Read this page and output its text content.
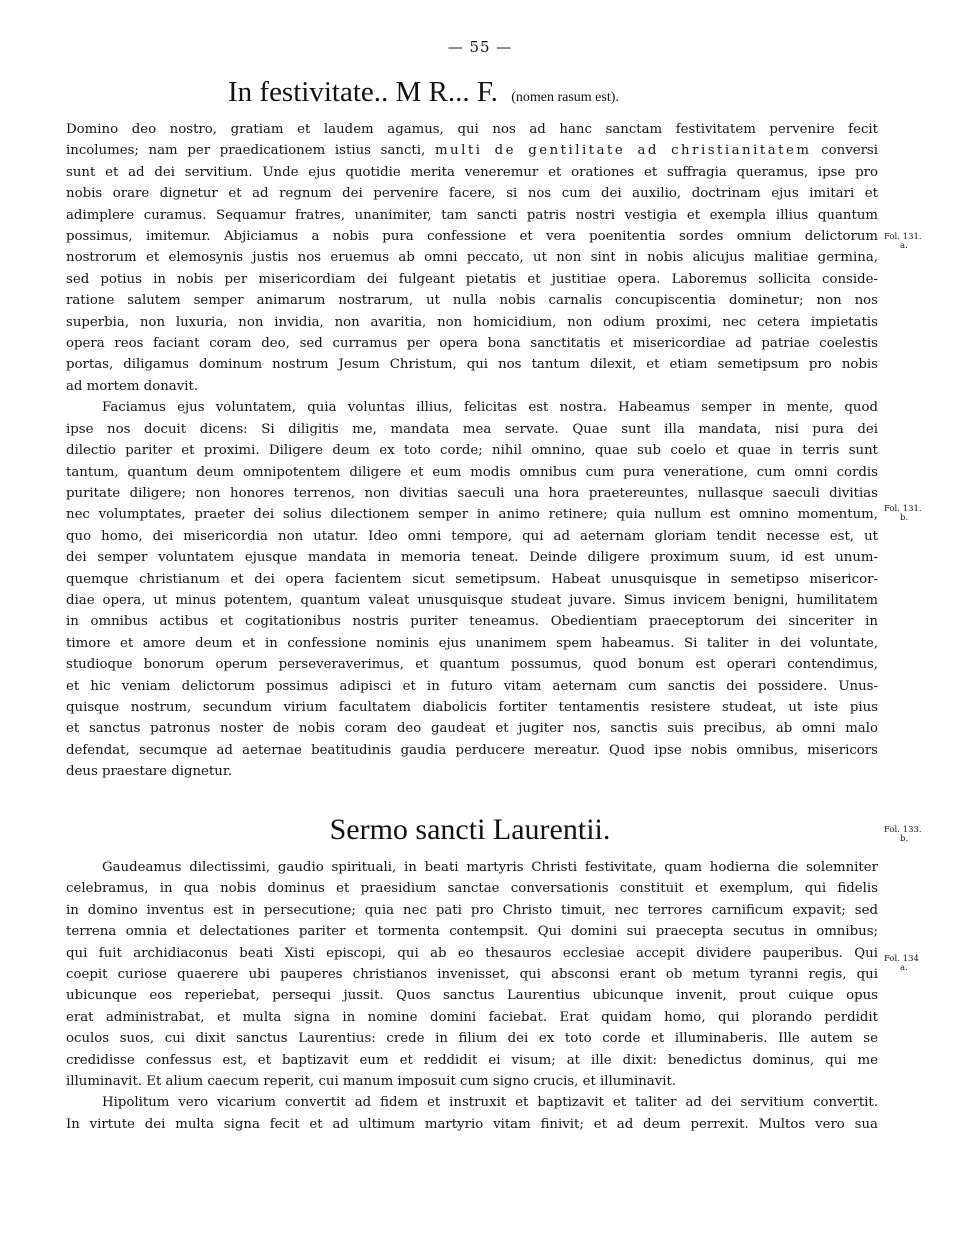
— 55 —
In festivitate.. M R... F. (nomen rasum est).
Domino deo nostro, gratiam et laudem agamus, qui nos ad hanc sanctam festivitatem pervenire fecit
incolumes; nam per praedicationem istius sancti, multi de gentilitate ad christianitatem conversi
sunt et ad dei servitium. Unde ejus quotidie merita veneremur et orationes et suffragia queramus, ipse pro
nobis orare dignetur et ad regnum dei pervenire facere, si nos cum dei auxilio, doctrinam ejus imitari et
adimplere curamus. Sequamur fratres, unanimiter, tam sancti patris nostri vestigia et exempla illius quantum
possimus, imitemur. Abjiciamus a nobis pura confessione et vera poenitentia sordes omnium delictorum
nostrorum et elemosynis justis nos eruemus ab omni peccato, ut non sint in nobis alicujus malitiae germina,
sed potius in nobis per misericordiam dei fulgeant pietatis et justitiae opera. Laboremus sollicita conside-
ratione salutem semper animarum nostrarum, ut nulla nobis carnalis concupiscentia dominetur; non nos
superbia, non luxuria, non invidia, non avaritia, non homicidium, non odium proximi, nec cetera impietatis
opera reos faciant coram deo, sed curramus per opera bona sanctitatis et misericordiae ad patriae coelestis
portas, diligamus dominum nostrum Jesum Christum, qui nos tantum dilexit, et etiam semetipsum pro nobis
ad mortem donavit.
Faciamus ejus voluntatem, quia voluntas illius, felicitas est nostra. Habeamus semper in mente, quod
ipse nos docuit dicens: Si diligitis me, mandata mea servate. Quae sunt illa mandata, nisi pura dei
dilectio pariter et proximi. Diligere deum ex toto corde; nihil omnino, quae sub coelo et quae in terris sunt
tantum, quantum deum omnipotentem diligere et eum modis omnibus cum pura veneratione, cum omni cordis
puritate diligere; non honores terrenos, non divitias saeculi una hora praetereuntes, nullasque saeculi divitias
nec volumptates, praeter dei solius dilectionem semper in animo retinere; quia nullum est omnino momentum,
quo homo, dei misericordia non utatur. Ideo omni tempore, qui ad aeternam gloriam tendit necesse est, ut
dei semper voluntatem ejusque mandata in memoria teneat. Deinde diligere proximum suum, id est unum-
quemque christianum et dei opera facientem sicut semetipsum. Habeat unusquisque in semetipso misericor-
diae opera, ut minus potentem, quantum valeat unusquisque studeat juvare. Simus invicem benigni, humilitatem
in omnibus actibus et cogitationibus nostris puriter teneamus. Obedientiam praeceptorum dei sinceriter in
timore et amore deum et in confessione nominis ejus unanimem spem habeamus. Si taliter in dei voluntate,
studioque bonorum operum perseveraverimus, et quantum possumus, quod bonum est operari contendimus,
et hic veniam delictorum possimus adipisci et in futuro vitam aeternam cum sanctis dei possidere. Unus-
quisque nostrum, secundum virium facultatem diabolicis fortiter tentamentis resistere studeat, ut iste pius
et sanctus patronus noster de nobis coram deo gaudeat et jugiter nos, sanctis suis precibus, ab omni malo
defendat, secumque ad aeternae beatitudinis gaudia perducere mereatur. Quod ipse nobis omnibus, misericors
deus praestare dignetur.
Sermo sancti Laurentii.
Gaudeamus dilectissimi, gaudio spirituali, in beati martyris Christi festivitate, quam hodierna die solemniter
celebramus, in qua nobis dominus et praesidium sanctae conversationis constituit et exemplum, qui fidelis
in domino inventus est in persecutione; quia nec pati pro Christo timuit, nec terrores carnificum expavit; sed
terrena omnia et delectationes pariter et tormenta contempsit. Qui domini sui praecepta secutus in omnibus;
qui fuit archidiaconus beati Xisti episcopi, qui ab eo thesauros ecclesiae accepit dividere pauperibus. Qui
coepit curiose quaerere ubi pauperes christianos invenisset, qui absconsi erant ob metum tyranni regis, qui
ubicunque eos reperiebat, persequi jussit. Quos sanctus Laurentius ubicunque invenit, prout cuique opus
erat administrabat, et multa signa in nomine domini faciebat. Erat quidam homo, qui plorando perdidit
oculos suos, cui dixit sanctus Laurentius: crede in filium dei ex toto corde et illuminaberis. Ille autem se
credidisse confessus est, et baptizavit eum et reddidit ei visum; at ille dixit: benedictus dominus, qui me
illuminavit. Et alium caecum reperit, cui manum imposuit cum signo crucis, et illuminavit.
Hipolitum vero vicarium convertit ad fidem et instruxit et baptizavit et taliter ad dei servitium convertit.
In virtute dei multa signa fecit et ad ultimum martyrio vitam finivit; et ad deum perrexit. Multos vero sua
Fol. 131.
a.
Fol. 131.
b.
Fol. 133.
b.
Fol. 134
a.
